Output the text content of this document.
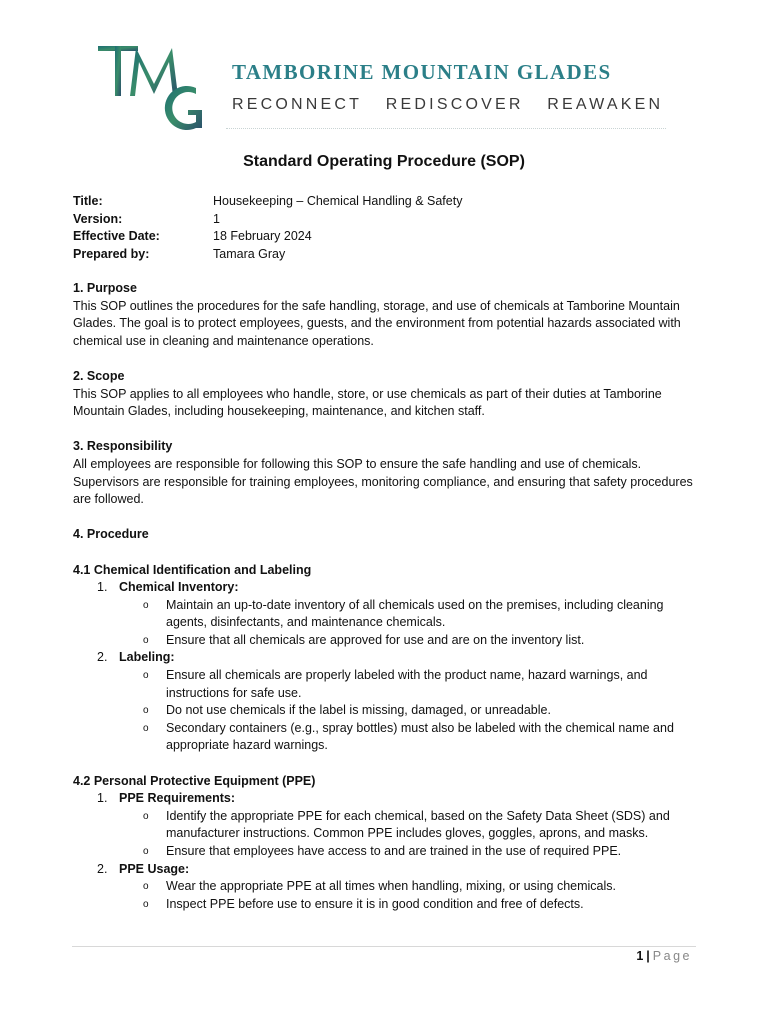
TAMBORINE MOUNTAIN GLADES
RECONNECT REDISCOVER REAWAKEN
Standard Operating Procedure (SOP)
Title:	Housekeeping – Chemical Handling & Safety
Version:	1
Effective Date:	18 February 2024
Prepared by:	Tamara Gray
1. Purpose

This SOP outlines the procedures for the safe handling, storage, and use of chemicals at Tamborine Mountain Glades. The goal is to protect employees, guests, and the environment from potential hazards associated with chemical use in cleaning and maintenance operations.

2. Scope

This SOP applies to all employees who handle, store, or use chemicals as part of their duties at Tamborine Mountain Glades, including housekeeping, maintenance, and kitchen staff.

3. Responsibility

All employees are responsible for following this SOP to ensure the safe handling and use of chemicals. Supervisors are responsible for training employees, monitoring compliance, and ensuring that safety procedures are followed.

4. Procedure
4.1 Chemical Identification and Labeling
1. Chemical Inventory:
o Maintain an up-to-date inventory of all chemicals used on the premises, including cleaning agents, disinfectants, and maintenance chemicals.
o Ensure that all chemicals are approved for use and are on the inventory list.
2. Labeling:
o Ensure all chemicals are properly labeled with the product name, hazard warnings, and instructions for safe use.
o Do not use chemicals if the label is missing, damaged, or unreadable.
o Secondary containers (e.g., spray bottles) must also be labeled with the chemical name and appropriate hazard warnings.
4.2 Personal Protective Equipment (PPE)
1. PPE Requirements:
o Identify the appropriate PPE for each chemical, based on the Safety Data Sheet (SDS) and manufacturer instructions. Common PPE includes gloves, goggles, aprons, and masks.
o Ensure that employees have access to and are trained in the use of required PPE.
2. PPE Usage:
o Wear the appropriate PPE at all times when handling, mixing, or using chemicals.
o Inspect PPE before use to ensure it is in good condition and free of defects.
1 | Page
